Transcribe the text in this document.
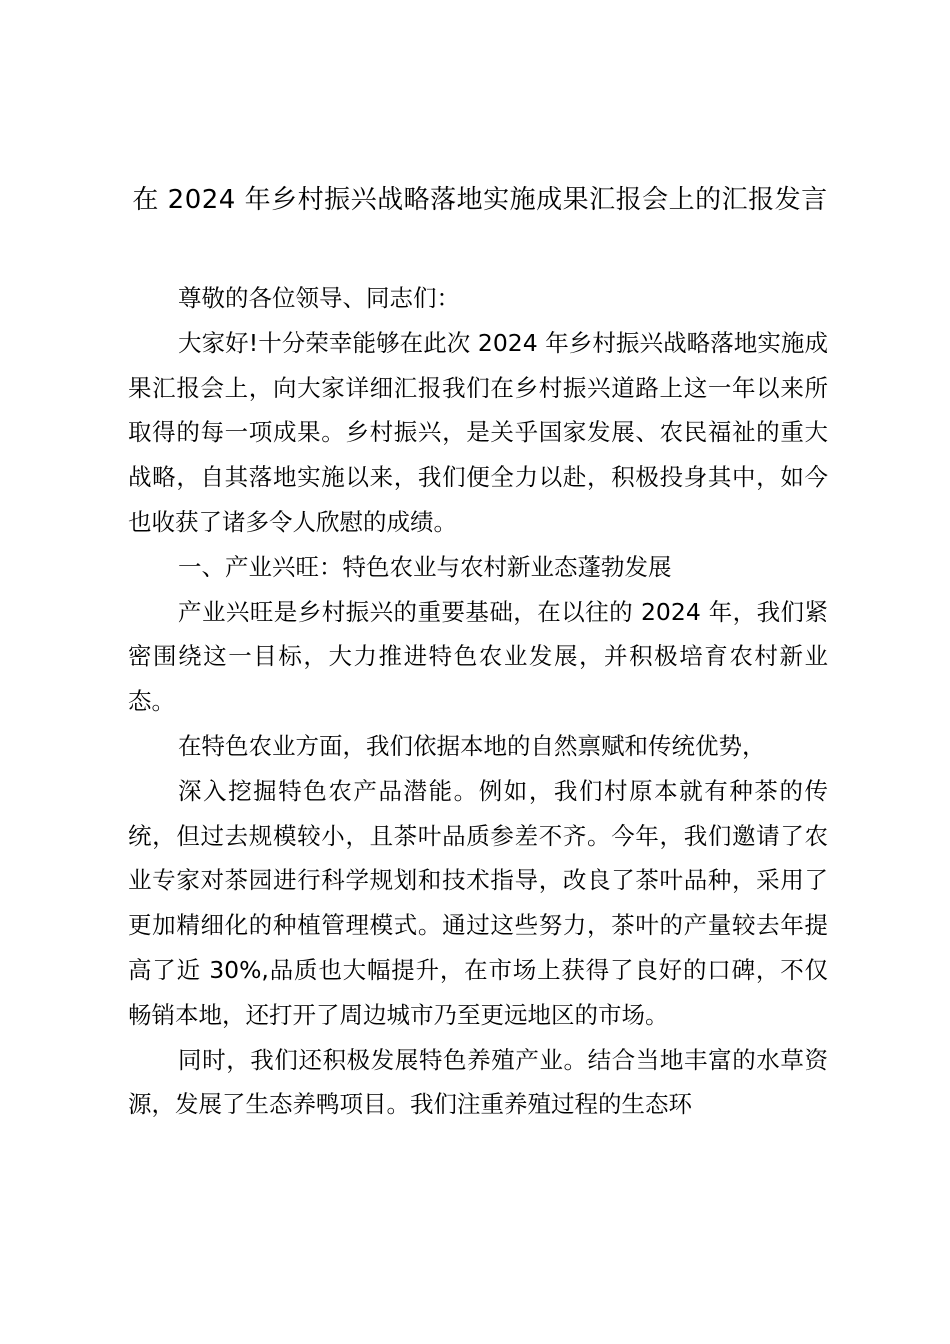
在 2024 年乡村振兴战略落地实施成果汇报会上的汇报发言

尊敬的各位领导、同志们：

大家好!十分荣幸能够在此次 2024 年乡村振兴战略落地实施成果汇报会上，向大家详细汇报我们在乡村振兴道路上这一年以来所取得的每一项成果。乡村振兴，是关乎国家发展、农民福祉的重大战略，自其落地实施以来，我们便全力以赴，积极投身其中，如今也收获了诸多令人欣慰的成绩。

一、产业兴旺：特色农业与农村新业态蓬勃发展

产业兴旺是乡村振兴的重要基础，在以往的 2024 年，我们紧密围绕这一目标，大力推进特色农业发展，并积极培育农村新业态。

在特色农业方面，我们依据本地的自然禀赋和传统优势，

深入挖掘特色农产品潜能。例如，我们村原本就有种茶的传统，但过去规模较小，且茶叶品质参差不齐。今年，我们邀请了农业专家对茶园进行科学规划和技术指导，改良了茶叶品种，采用了更加精细化的种植管理模式。通过这些努力，茶叶的产量较去年提高了近 30%,品质也大幅提升，在市场上获得了良好的口碑，不仅畅销本地，还打开了周边城市乃至更远地区的市场。

同时，我们还积极发展特色养殖产业。结合当地丰富的水草资源，发展了生态养鸭项目。我们注重养殖过程的生态环
